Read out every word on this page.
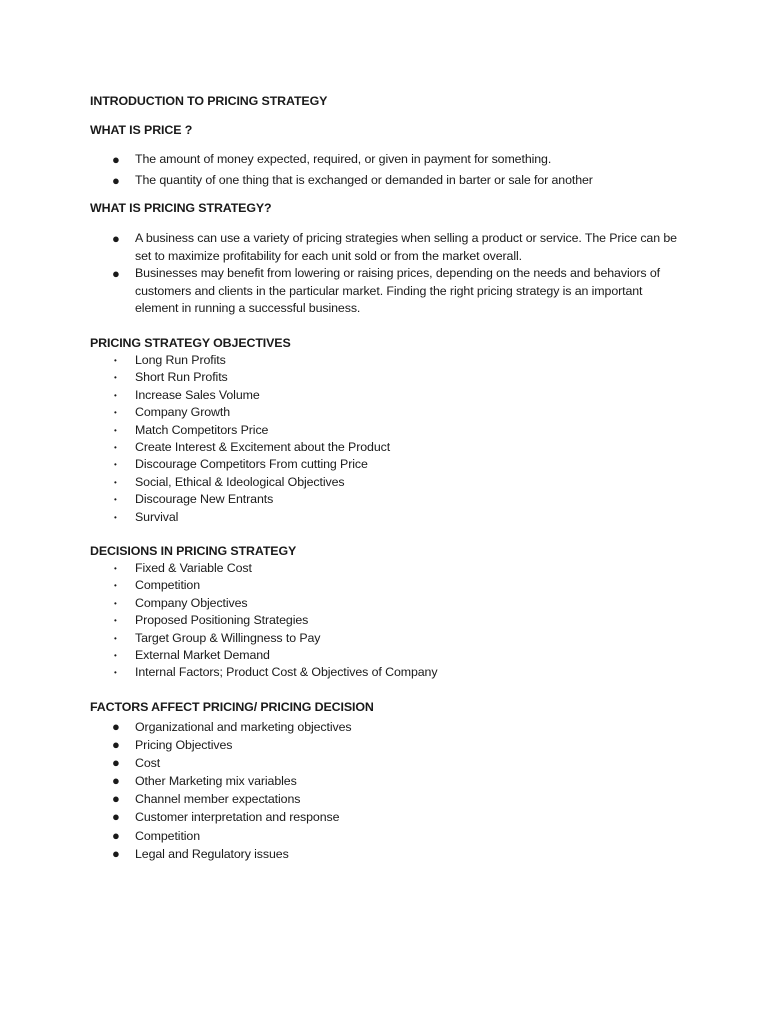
INTRODUCTION TO PRICING STRATEGY

WHAT IS PRICE ?

● The amount of money expected, required, or given in payment for something.
● The quantity of one thing that is exchanged or demanded in barter or sale for another

WHAT IS PRICING STRATEGY?

● A business can use a variety of pricing strategies when selling a product or service. The Price can be set to maximize profitability for each unit sold or from the market overall.
● Businesses may benefit from lowering or raising prices, depending on the needs and behaviors of customers and clients in the particular market. Finding the right pricing strategy is an important element in running a successful business.

PRICING STRATEGY OBJECTIVES

• Long Run Profits
• Short Run Profits
• Increase Sales Volume
• Company Growth
• Match Competitors Price
• Create Interest & Excitement about the Product
• Discourage Competitors From cutting Price
• Social, Ethical & Ideological Objectives
• Discourage New Entrants
• Survival

DECISIONS IN PRICING STRATEGY

• Fixed & Variable Cost
• Competition
• Company Objectives
• Proposed Positioning Strategies
• Target Group & Willingness to Pay
• External Market Demand
• Internal Factors; Product Cost & Objectives of Company

FACTORS AFFECT PRICING/ PRICING DECISION

● Organizational and marketing objectives
● Pricing Objectives
● Cost
● Other Marketing mix variables
● Channel member expectations
● Customer interpretation and response
● Competition
● Legal and Regulatory issues
